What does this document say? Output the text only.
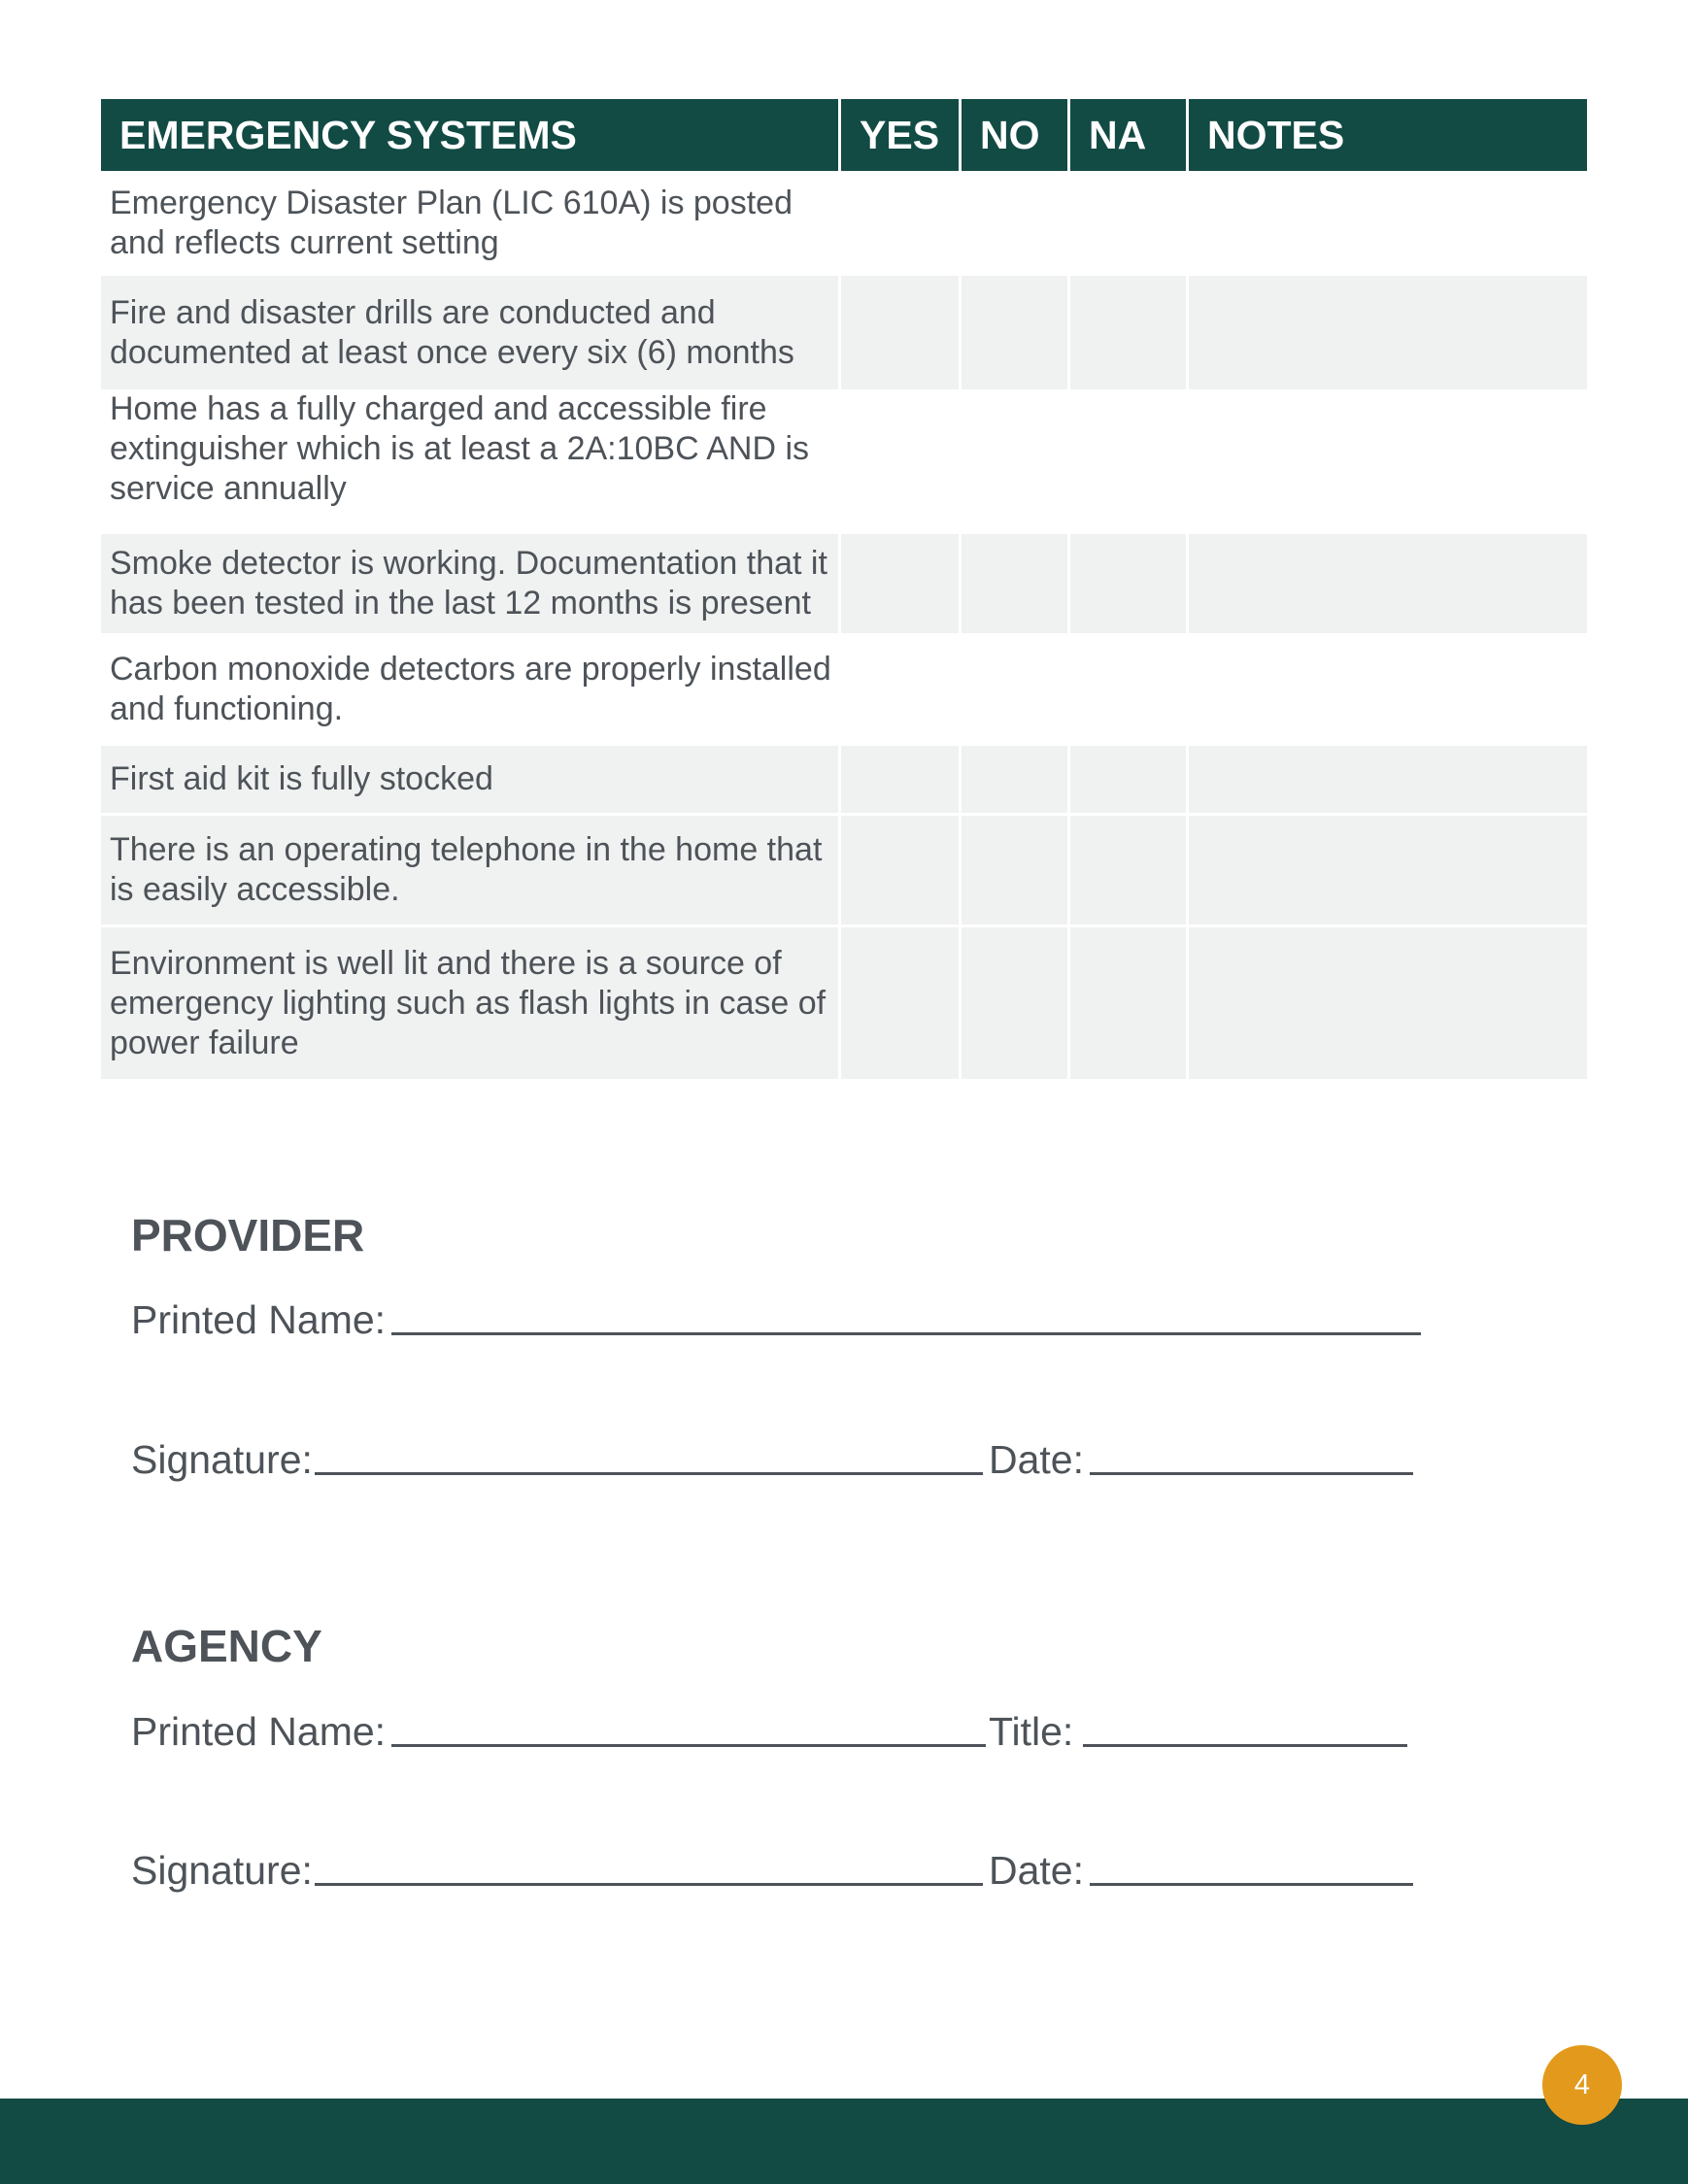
EMERGENCY SYSTEMS	YES	NO	NA	NOTES
Emergency Disaster Plan (LIC 610A) is posted and reflects current setting
Fire and disaster drills are conducted and documented at least once every six (6) months
Home has a fully charged and accessible fire extinguisher which is at least a 2A:10BC AND is service annually
Smoke detector is working. Documentation that it has been tested in the last 12 months is present
Carbon monoxide detectors are properly installed and functioning.
First aid kit is fully stocked
There is an operating telephone in the home that is easily accessible.
Environment is well lit and there is a source of emergency lighting such as flash lights in case of power failure
PROVIDER
Printed Name:
Signature:	Date:
AGENCY
Printed Name:	Title:
Signature:	Date:
4
